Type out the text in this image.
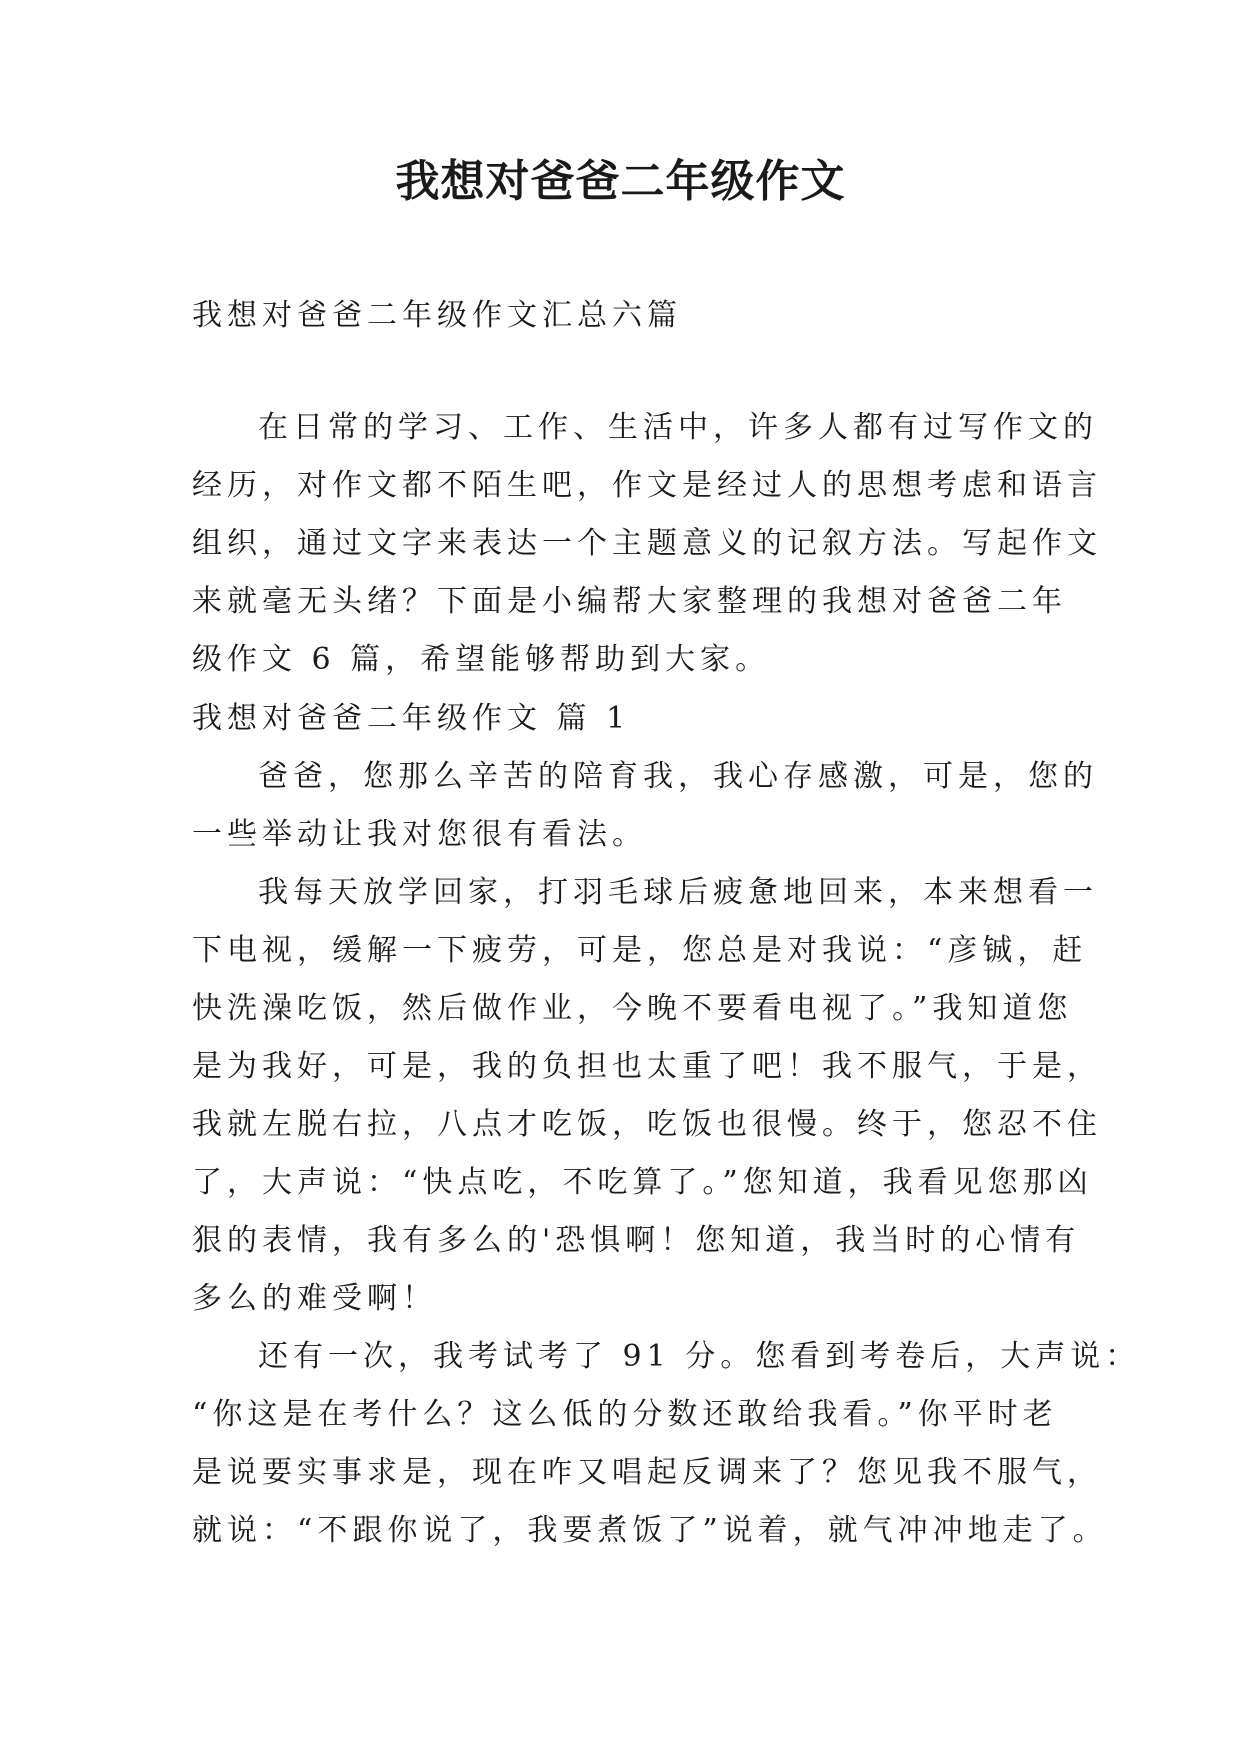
我想对爸爸二年级作文
我想对爸爸二年级作文汇总六篇
在日常的学习、工作、生活中，许多人都有过写作文的
经历，对作文都不陌生吧，作文是经过人的思想考虑和语言
组织，通过文字来表达一个主题意义的记叙方法。写起作文
来就毫无头绪？下面是小编帮大家整理的我想对爸爸二年
级作文 6 篇，希望能够帮助到大家。
我想对爸爸二年级作文 篇 1
爸爸，您那么辛苦的陪育我，我心存感激，可是，您的
一些举动让我对您很有看法。
我每天放学回家，打羽毛球后疲惫地回来，本来想看一
下电视，缓解一下疲劳，可是，您总是对我说：“彦铖，赶
快洗澡吃饭，然后做作业，今晚不要看电视了。”我知道您
是为我好，可是，我的负担也太重了吧！我不服气，于是，
我就左脱右拉，八点才吃饭，吃饭也很慢。终于，您忍不住
了，大声说：“快点吃，不吃算了。”您知道，我看见您那凶
狠的表情，我有多么的'恐惧啊！您知道，我当时的心情有
多么的难受啊！
还有一次，我考试考了 91 分。您看到考卷后，大声说：
“你这是在考什么？这么低的分数还敢给我看。”你平时老
是说要实事求是，现在咋又唱起反调来了？您见我不服气，
就说：“不跟你说了，我要煮饭了”说着，就气冲冲地走了。
